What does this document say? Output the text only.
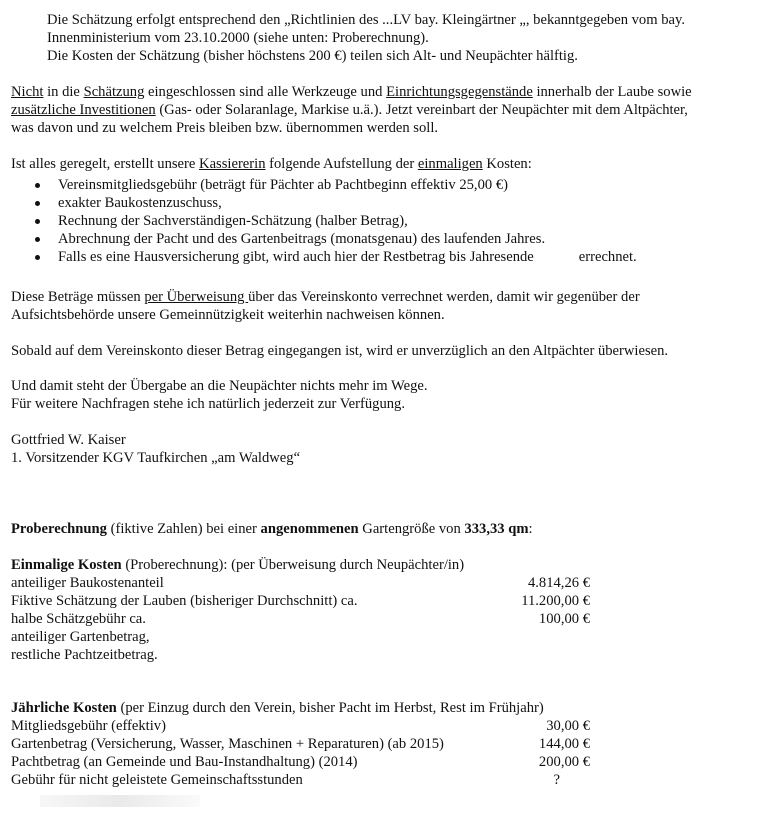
Die Schätzung erfolgt entsprechend den „Richtlinien des ...LV bay. Kleingärtner „, bekanntgegeben vom bay.
Innenministerium vom 23.10.2000 (siehe unten: Proberechnung).
Die Kosten der Schätzung (bisher höchstens 200 €) teilen sich Alt- und Neupächter hälftig.
Nicht in die Schätzung eingeschlossen sind alle Werkzeuge und Einrichtungsgegenstände innerhalb der Laube sowie
zusätzliche Investitionen (Gas- oder Solaranlage, Markise u.ä.). Jetzt vereinbart der Neupächter mit dem Altpächter,
was davon und zu welchem Preis bleiben bzw. übernommen werden soll.
Ist alles geregelt, erstellt unsere Kassiererin folgende Aufstellung der einmaligen Kosten:
Vereinsmitgliedsgebühr (beträgt für Pächter ab Pachtbeginn effektiv 25,00 €)
exakter Baukostenzuschuss,
Rechnung der Sachverständigen-Schätzung (halber Betrag),
Abrechnung der Pacht und des Gartenbeitrags (monatsgenau) des laufenden Jahres.
Falls es eine Hausversicherung gibt, wird auch hier der Restbetrag bis Jahresende	errechnet.
Diese Beträge müssen per Überweisung über das Vereinskonto verrechnet werden, damit wir gegenüber der
Aufsichtsbehörde unsere Gemeinnützigkeit weiterhin nachweisen können.
Sobald auf dem Vereinskonto dieser Betrag eingegangen ist, wird er unverzüglich an den Altpächter überwiesen.
Und damit steht der Übergabe an die Neupächter nichts mehr im Wege.
Für weitere Nachfragen stehe ich natürlich jederzeit zur Verfügung.
Gottfried W. Kaiser
1. Vorsitzender KGV Taufkirchen „am Waldweg“
Proberechnung (fiktive Zahlen) bei einer angenommenen Gartengröße von 333,33 qm:
Einmalige Kosten (Proberechnung): (per Überweisung durch Neupächter/in)
anteiliger Baukostenanteil	4.814,26 €
Fiktive Schätzung der Lauben (bisheriger Durchschnitt) ca.	11.200,00 €
halbe Schätzgebühr ca.	100,00 €
anteiliger Gartenbetrag,
restliche Pachtzeitbetrag.
Jährliche Kosten (per Einzug durch den Verein, bisher Pacht im Herbst, Rest im Frühjahr)
Mitgliedsgebühr (effektiv)	30,00 €
Gartenbetrag (Versicherung, Wasser, Maschinen + Reparaturen) (ab 2015)	144,00 €
Pachtbetrag (an Gemeinde und Bau-Instandhaltung) (2014)	200,00 €
Gebühr für nicht geleistete Gemeinschaftsstunden	?
